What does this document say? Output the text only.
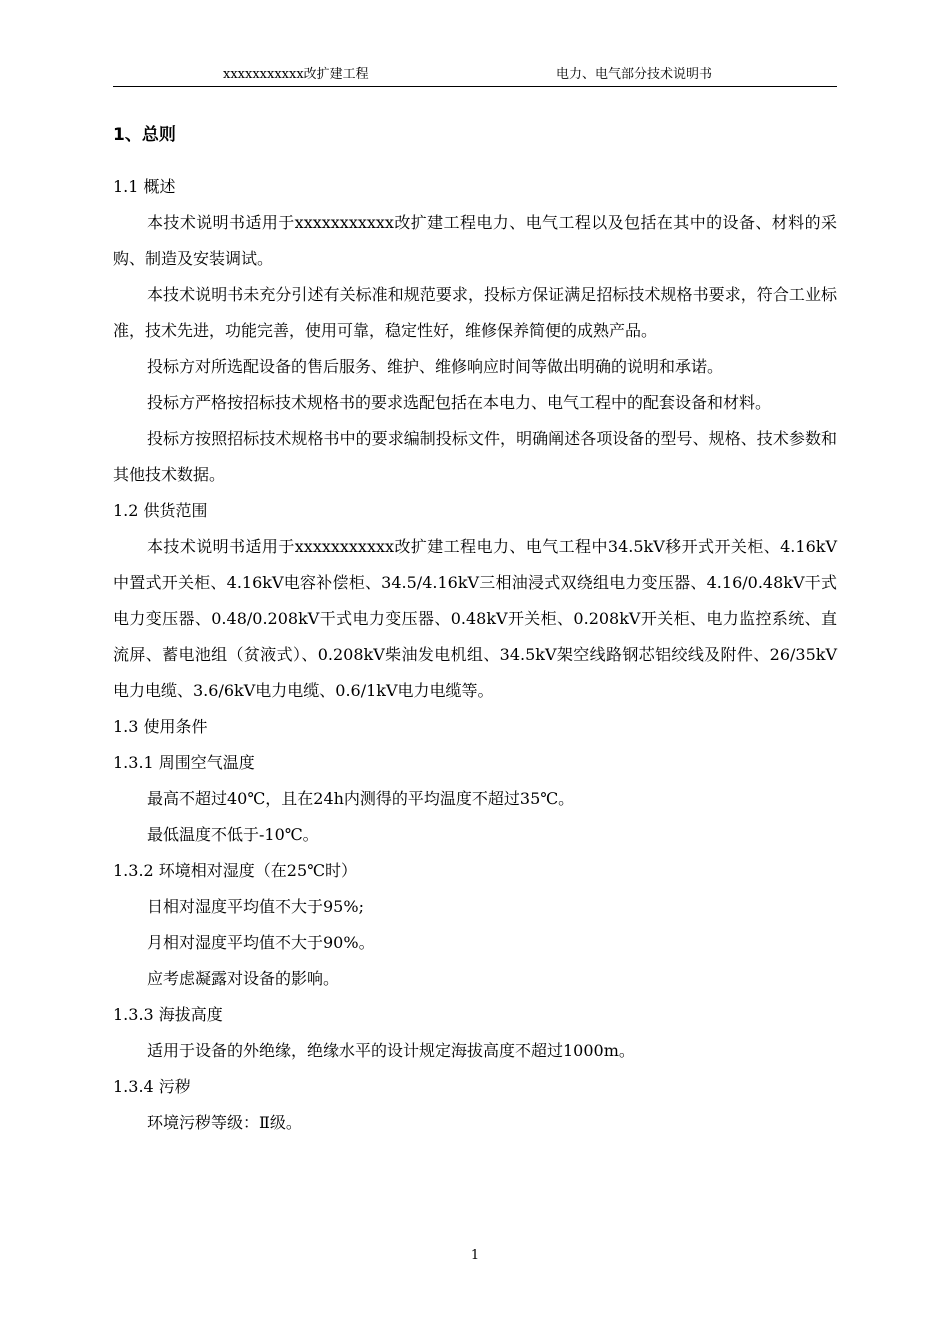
xxxxxxxxxxx改扩建工程	电力、电气部分技术说明书
1、总则
1.1 概述

本技术说明书适用于xxxxxxxxxxx改扩建工程电力、电气工程以及包括在其中的设备、材料的采购、制造及安装调试。

本技术说明书未充分引述有关标准和规范要求，投标方保证满足招标技术规格书要求，符合工业标准，技术先进，功能完善，使用可靠，稳定性好，维修保养简便的成熟产品。

投标方对所选配设备的售后服务、维护、维修响应时间等做出明确的说明和承诺。

投标方严格按招标技术规格书的要求选配包括在本电力、电气工程中的配套设备和材料。

投标方按照招标技术规格书中的要求编制投标文件，明确阐述各项设备的型号、规格、技术参数和其他技术数据。

1.2 供货范围

本技术说明书适用于xxxxxxxxxxx改扩建工程电力、电气工程中34.5kV移开式开关柜、4.16kV中置式开关柜、4.16kV电容补偿柜、34.5/4.16kV三相油浸式双绕组电力变压器、4.16/0.48kV干式电力变压器、0.48/0.208kV干式电力变压器、0.48kV开关柜、0.208kV开关柜、电力监控系统、直流屏、蓄电池组（贫液式）、0.208kV柴油发电机组、34.5kV架空线路钢芯铝绞线及附件、26/35kV电力电缆、3.6/6kV电力电缆、0.6/1kV电力电缆等。

1.3 使用条件
1.3.1 周围空气温度

最高不超过40℃，且在24h内测得的平均温度不超过35℃。

最低温度不低于-10℃。

1.3.2 环境相对湿度（在25℃时）

日相对湿度平均值不大于95%;

月相对湿度平均值不大于90%。

应考虑凝露对设备的影响。

1.3.3 海拔高度

适用于设备的外绝缘，绝缘水平的设计规定海拔高度不超过1000m。

1.3.4 污秽

环境污秽等级：Ⅱ级。

1
